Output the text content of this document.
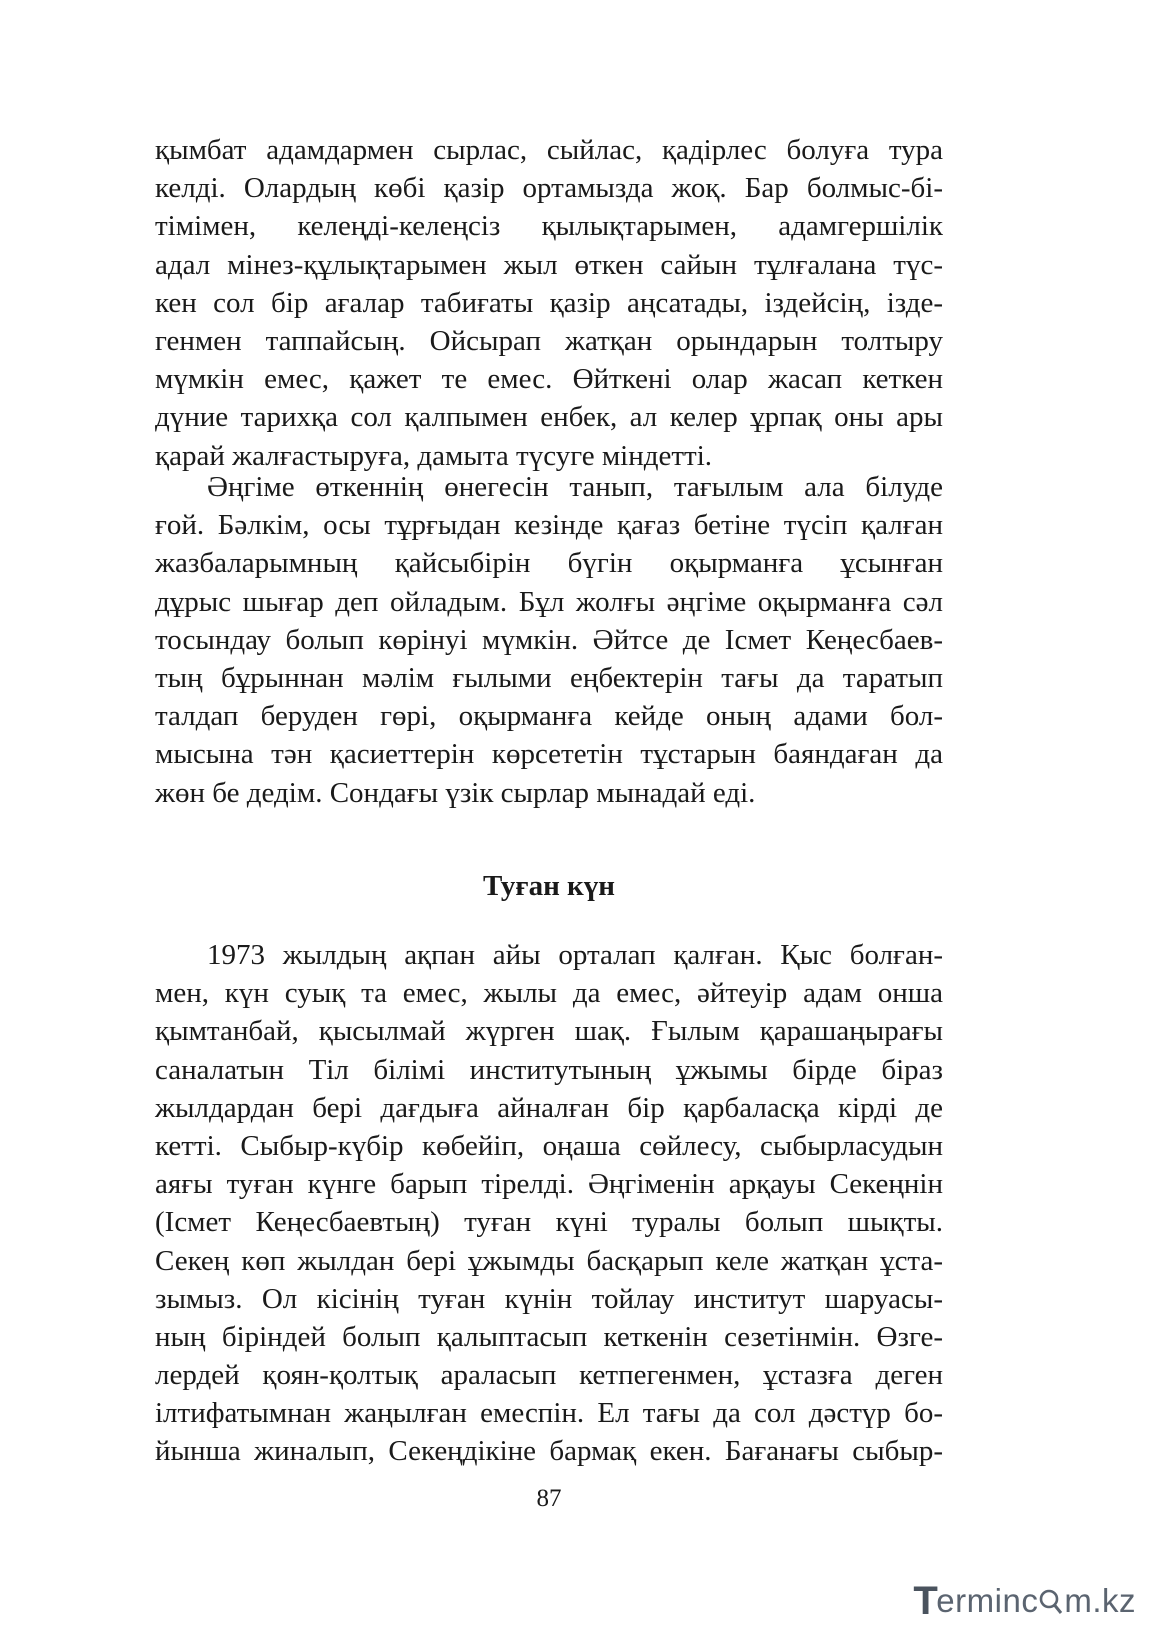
қымбат адамдармен сырлас, сыйлас, қадірлес болуға тура
келді. Олардың көбі қазір ортамызда жоқ. Бар болмыс-бі-
тімімен, келеңді-келеңсіз қылықтарымен, адамгершілік
адал мінез-құлықтарымен жыл өткен сайын тұлғалана түс-
кен сол бір ағалар табиғаты қазір аңсатады, іздейсің, ізде-
генмен таппайсың. Ойсырап жатқан орындарын толтыру
мүмкін емес, қажет те емес. Өйткені олар жасап кеткен
дүние тарихқа сол қалпымен енбек, ал келер ұрпақ оны ары
қарай жалғастыруға, дамыта түсуге міндетті.
Әңгіме өткеннің өнегесін танып, тағылым ала білуде
ғой. Бәлкім, осы тұрғыдан кезінде қағаз бетіне түсіп қалған
жазбаларымның қайсыбірін бүгін оқырманға ұсынған
дұрыс шығар деп ойладым. Бұл жолғы әңгіме оқырманға сәл
тосындау болып көрінуі мүмкін. Әйтсе де Ісмет Кеңесбаев-
тың бұрыннан мәлім ғылыми еңбектерін тағы да таратып
талдап беруден гөрі, оқырманға кейде оның адами бол-
мысына тән қасиеттерін көрсететін тұстарын баяндаған да
жөн бе дедім. Сондағы үзік сырлар мынадай еді.
Туған күн
1973 жылдың ақпан айы орталап қалған. Қыс болған-
мен, күн суық та емес, жылы да емес, әйтеуір адам онша
қымтанбай, қысылмай жүрген шақ. Ғылым қарашаңырағы
саналатын Тіл білімі институтының ұжымы бірде біраз
жылдардан бері дағдыға айналған бір қарбаласқа кірді де
кетті. Сыбыр-күбір көбейіп, оңаша сөйлесу, сыбырласудын
аяғы туған күнге барып тірелді. Әңгіменін арқауы Секеңнін
(Ісмет Кеңесбаевтың) туған күні туралы болып шықты.
Секең көп жылдан бері ұжымды басқарып келе жатқан ұста-
зымыз. Ол кісінің туған күнін тойлау институт шаруасы-
ның біріндей болып қалыптасып кеткенін сезетінмін. Өзге-
лердей қоян-қолтық араласып кетпегенмен, ұстазға деген
ілтифатымнан жаңылған емеспін. Ел тағы да сол дәстүр бо-
йынша жиналып, Секеңдікіне бармақ екен. Бағанағы сыбыр-
87
T
erminc m.kz
